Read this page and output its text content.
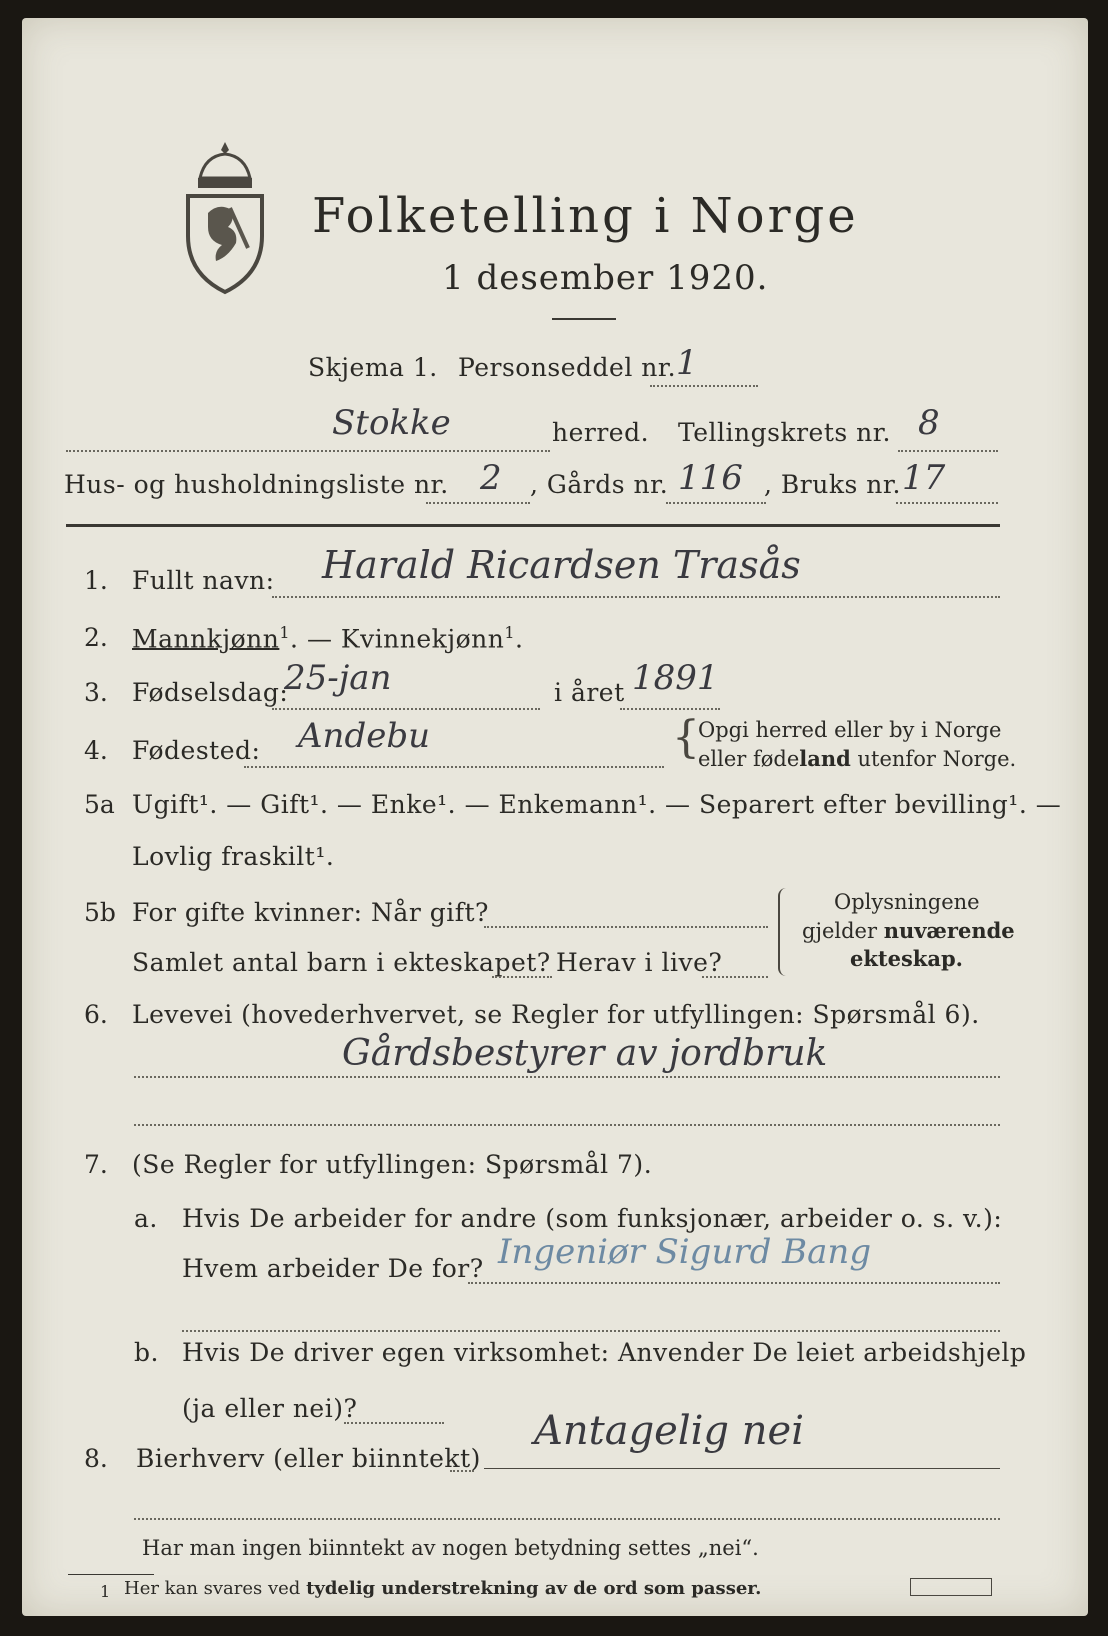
Folketelling i Norge
1 desember 1920.
Skjema 1. Personseddel nr. 1
Stokke	herred. Tellingskrets nr. 8
Hus- og husholdningsliste nr. 2 , Gårds nr. 116 , Bruks nr. 17
1. Fullt navn: Harald Ricardsen Trasås
2. Mannkjønn$^1$. — Kvinnekjønn$^1$.
3. Fødselsdag:
25-jan	i året 1891
4. Fødested: Andebu	{
Opgi herred eller by i Norge
eller fødeland utenfor Norge.
5a Ugift¹. — Gift¹. — Enke¹. — Enkemann¹. — Separert efter bevilling¹. —
Lovlig fraskilt¹.
5b For gifte kvinner: Når gift?
Samlet antal barn i ekteskapet? Herav i live?
Oplysningene
gjelder nuværende
ekteskap.
6. Levevei (hovederhvervet, se Regler for utfyllingen: Spørsmål 6).
Gårdsbestyrer av jordbruk
7. (Se Regler for utfyllingen: Spørsmål 7).
a. Hvis De arbeider for andre (som funksjonær, arbeider o. s. v.):
Hvem arbeider De for? Ingeniør Sigurd Bang
b. Hvis De driver egen virksomhet: Anvender De leiet arbeidshjelp
(ja eller nei)?
8. Bierhverv (eller biinntekt)
Antagelig nei
Har man ingen biinntekt av nogen betydning settes „nei“.
1 Her kan svares ved tydelig understrekning av de ord som passer.
